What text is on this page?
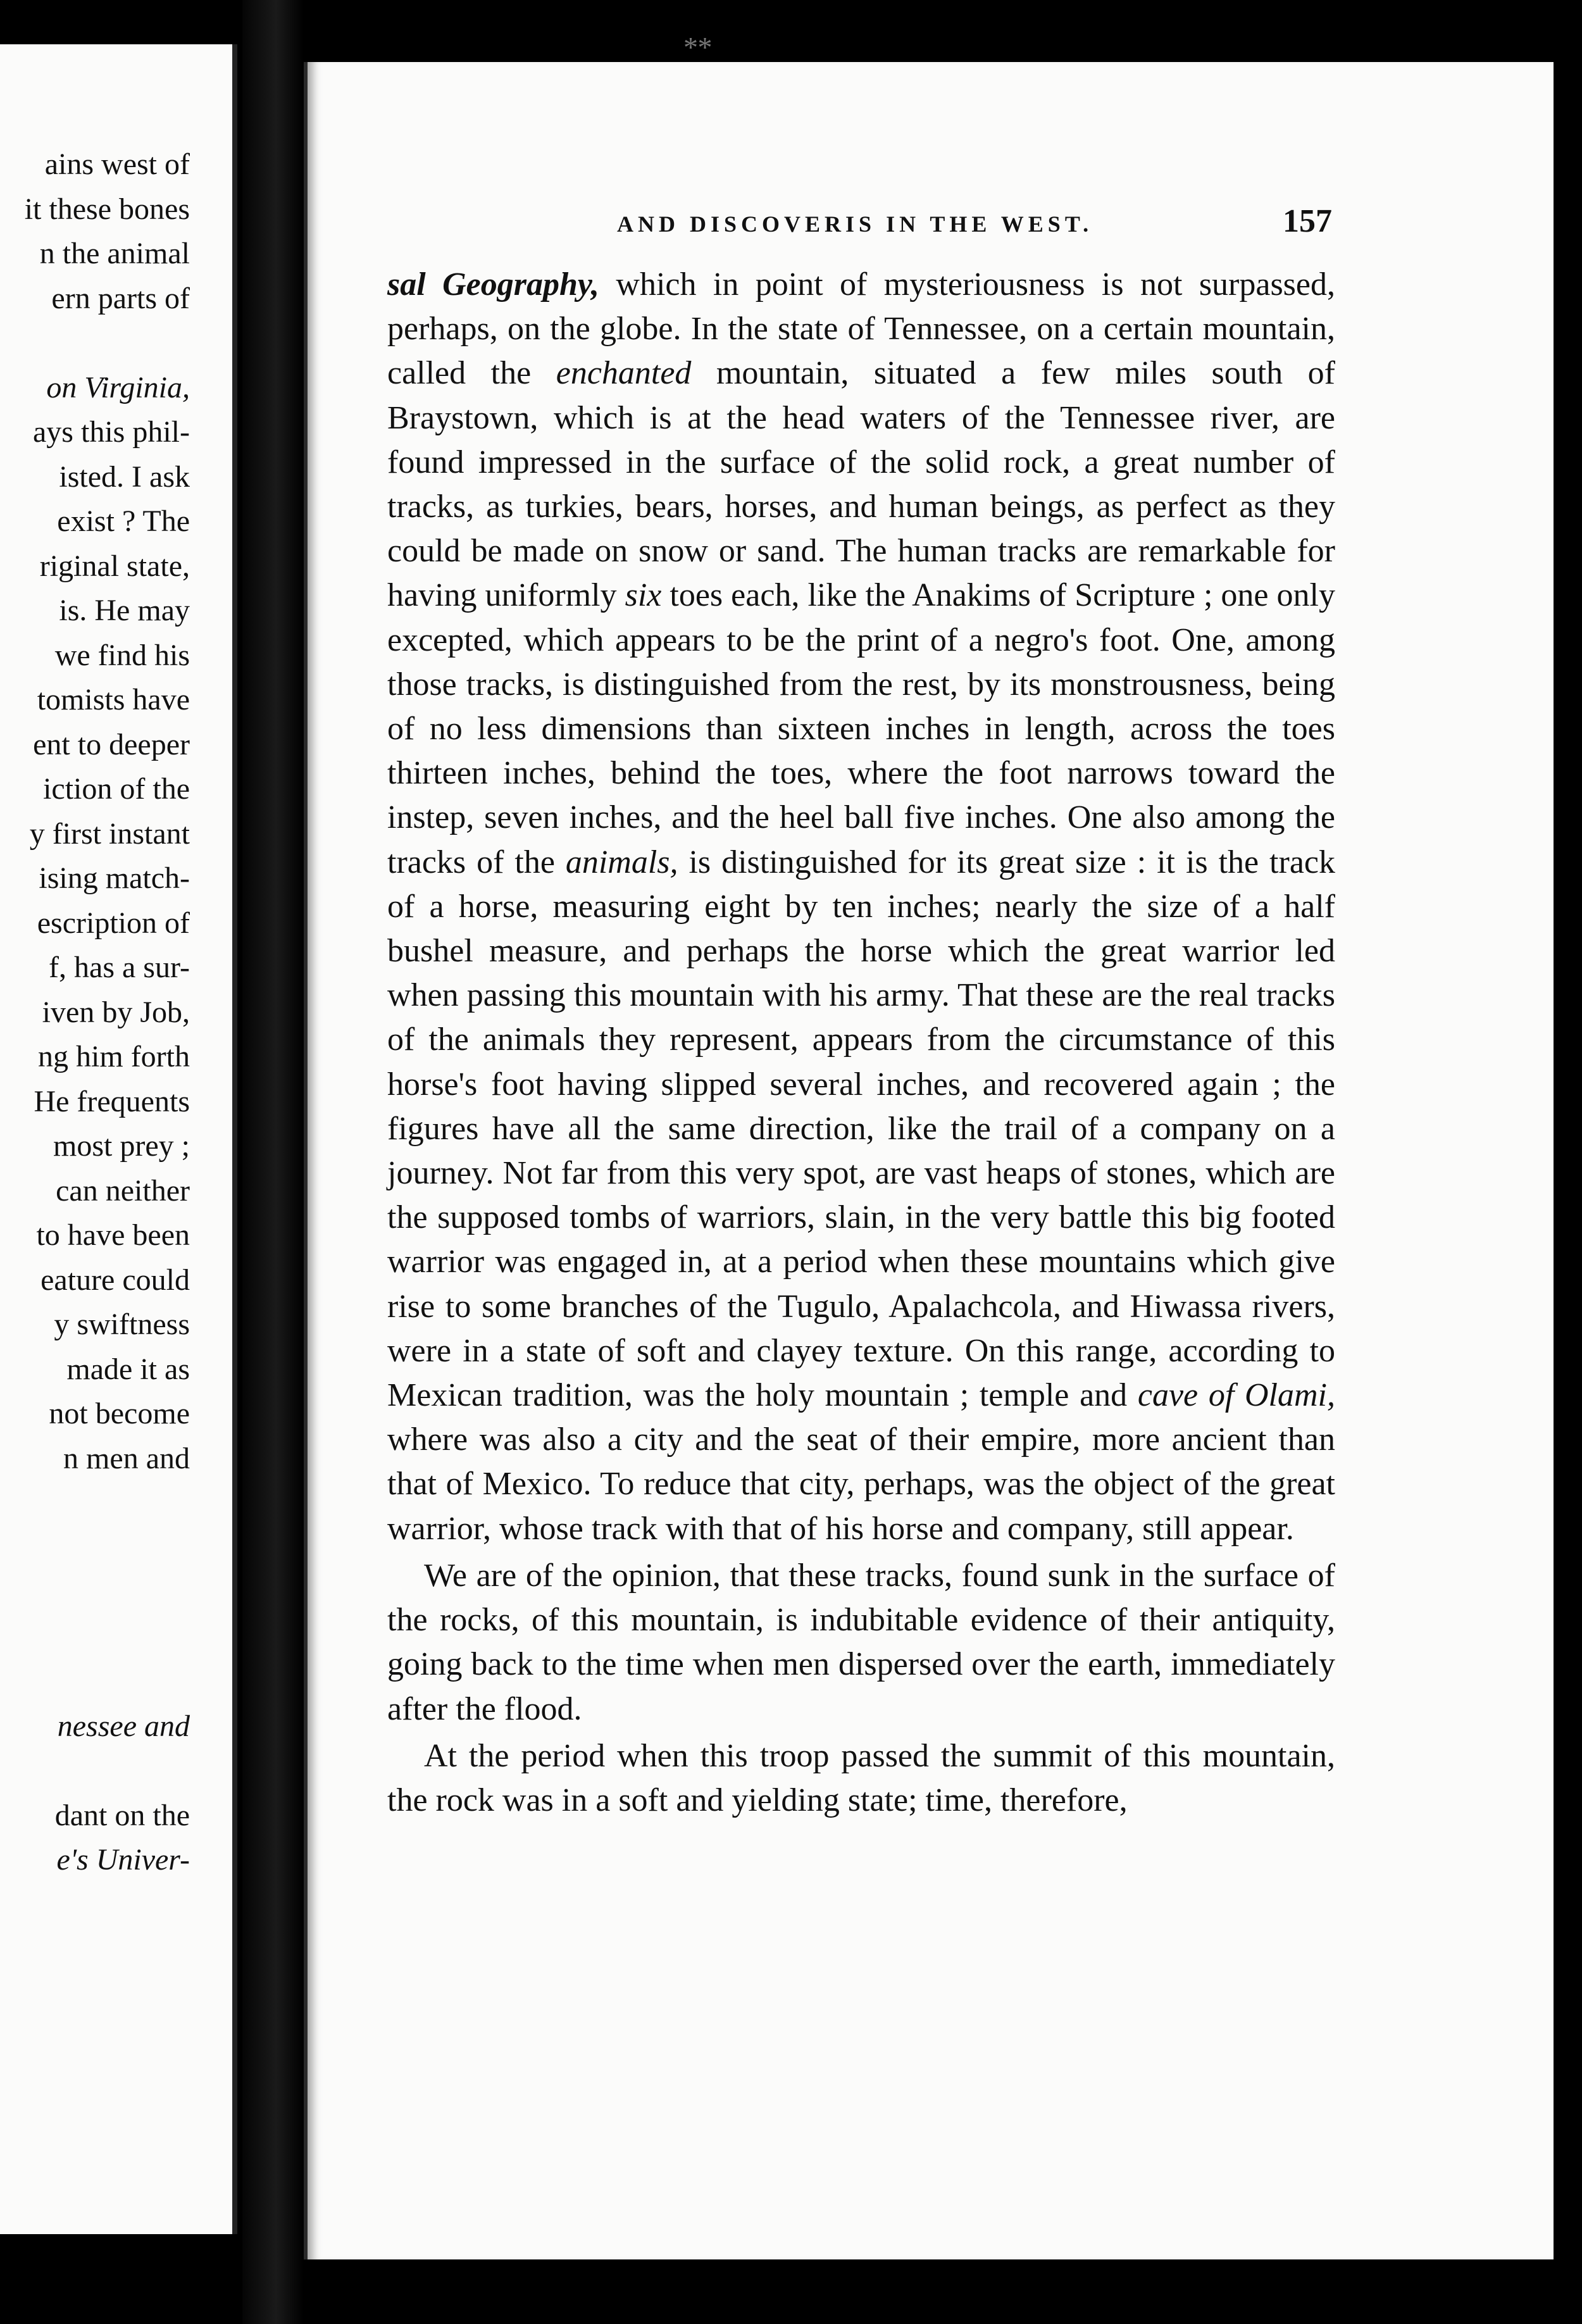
ains west of
it these bones
n the animal
ern parts of
on Virginia,
ays this phil-
isted. I ask
exist ? The
riginal state,
is. He may
we find his
tomists have
ent to deeper
iction of the
y first instant
ising match-
escription of
f, has a sur-
iven by Job,
ng him forth
He frequents
most prey ;
can neither
to have been
eature could
y swiftness
made it as
not become
n men and
nessee and
dant on the
e's Univer-
* *
AND DISCOVERIS IN THE WEST.	157

sal Geography, which in point of mysteriousness is not surpassed, perhaps, on the globe. In the state of Tennessee, on a certain mountain, called the enchanted mountain, situated a few miles south of Braystown, which is at the head waters of the Tennessee river, are found impressed in the surface of the solid rock, a great number of tracks, as turkies, bears, horses, and human beings, as perfect as they could be made on snow or sand. The human tracks are remarkable for having uniformly six toes each, like the Anakims of Scripture ; one only excepted, which appears to be the print of a negro's foot. One, among those tracks, is distinguished from the rest, by its monstrousness, being of no less dimensions than sixteen inches in length, across the toes thirteen inches, behind the toes, where the foot narrows toward the instep, seven inches, and the heel ball five inches. One also among the tracks of the animals, is distinguished for its great size : it is the track of a horse, measuring eight by ten inches; nearly the size of a half bushel measure, and perhaps the horse which the great warrior led when passing this mountain with his army. That these are the real tracks of the animals they represent, appears from the circumstance of this horse's foot having slipped several inches, and recovered again ; the figures have all the same direction, like the trail of a company on a journey. Not far from this very spot, are vast heaps of stones, which are the supposed tombs of warriors, slain, in the very battle this big footed warrior was engaged in, at a period when these mountains which give rise to some branches of the Tugulo, Apalachcola, and Hiwassa rivers, were in a state of soft and clayey texture. On this range, according to Mexican tradition, was the holy mountain ; temple and cave of Olami, where was also a city and the seat of their empire, more ancient than that of Mexico. To reduce that city, perhaps, was the object of the great warrior, whose track with that of his horse and company, still appear.

We are of the opinion, that these tracks, found sunk in the surface of the rocks, of this mountain, is indubitable evidence of their antiquity, going back to the time when men dispersed over the earth, immediately after the flood.

At the period when this troop passed the summit of this mountain, the rock was in a soft and yielding state; time, therefore,
